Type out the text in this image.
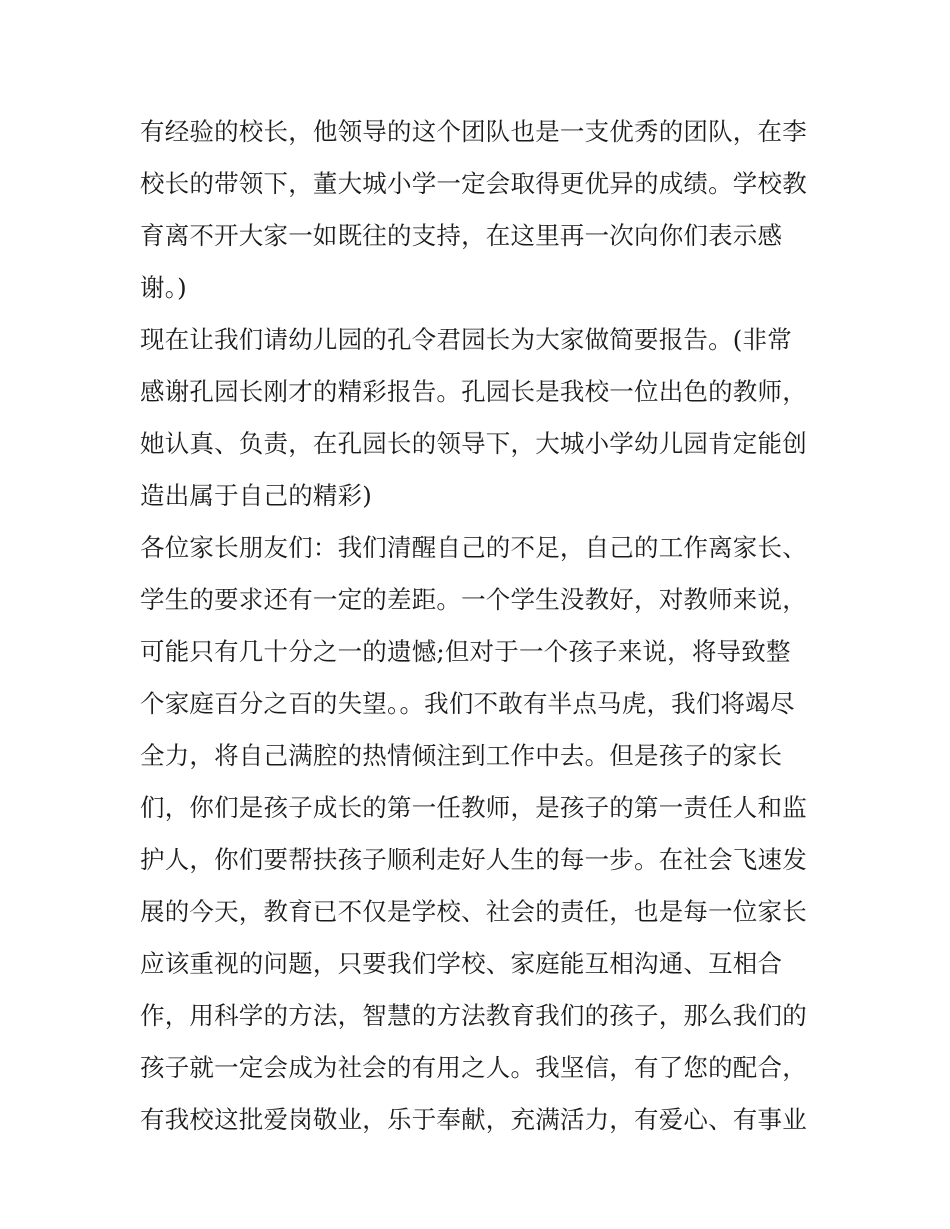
有经验的校长，他领导的这个团队也是一支优秀的团队，在李
校长的带领下，董大城小学一定会取得更优异的成绩。学校教
育离不开大家一如既往的支持，在这里再一次向你们表示感
谢。)
现在让我们请幼儿园的孔令君园长为大家做简要报告。(非常
感谢孔园长刚才的精彩报告。孔园长是我校一位出色的教师，
她认真、负责，在孔园长的领导下，大城小学幼儿园肯定能创
造出属于自己的精彩)
各位家长朋友们：我们清醒自己的不足，自己的工作离家长、
学生的要求还有一定的差距。一个学生没教好，对教师来说，
可能只有几十分之一的遗憾;但对于一个孩子来说，将导致整
个家庭百分之百的失望。。我们不敢有半点马虎，我们将竭尽
全力，将自己满腔的热情倾注到工作中去。但是孩子的家长
们，你们是孩子成长的第一任教师，是孩子的第一责任人和监
护人，你们要帮扶孩子顺利走好人生的每一步。在社会飞速发
展的今天，教育已不仅是学校、社会的责任，也是每一位家长
应该重视的问题，只要我们学校、家庭能互相沟通、互相合
作，用科学的方法，智慧的方法教育我们的孩子，那么我们的
孩子就一定会成为社会的有用之人。我坚信，有了您的配合，
有我校这批爱岗敬业，乐于奉献，充满活力，有爱心、有事业
